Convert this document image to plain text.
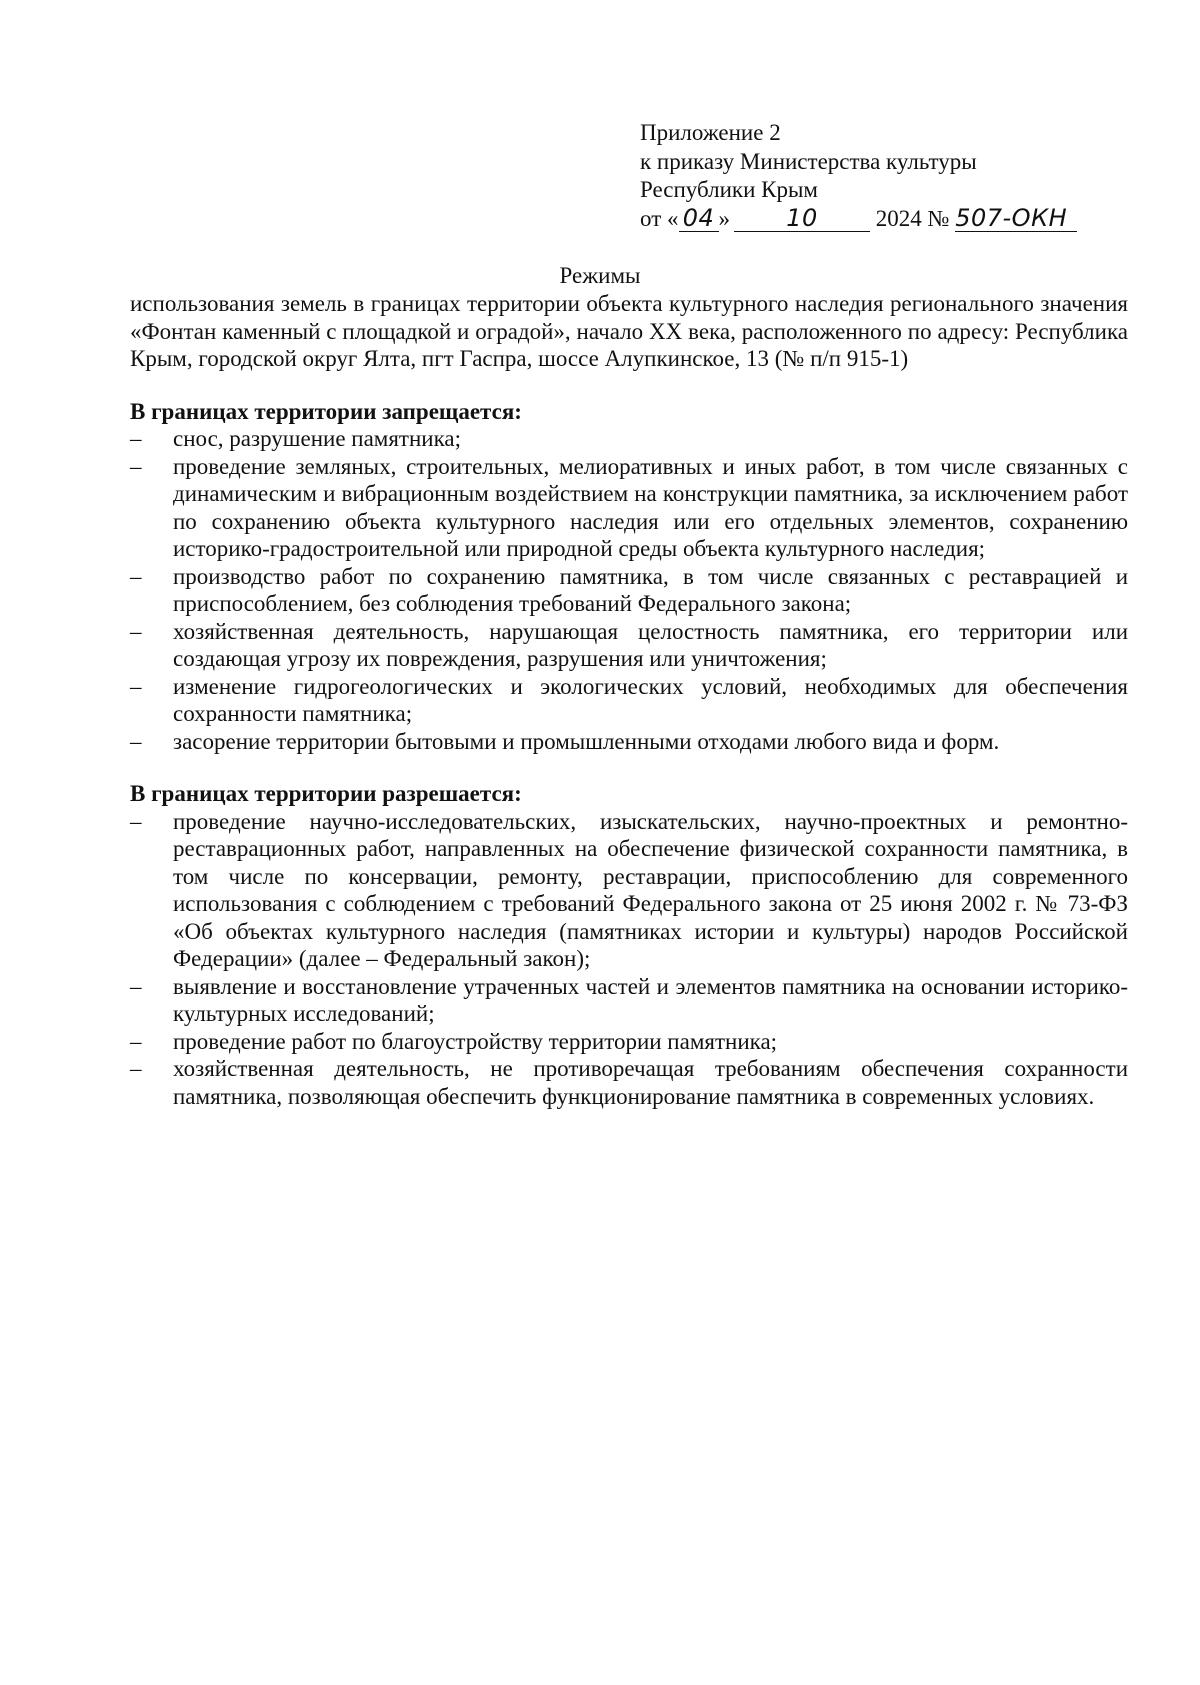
Приложение 2
к приказу Министерства культуры
Республики Крым
от « 04 » 10	2024 № 507-ОКН
Режимы

использования земель в границах территории объекта культурного наследия регионального значения «Фонтан каменный с площадкой и оградой», начало XX века, расположенного по адресу: Республика Крым, городской округ Ялта, пгт Гаспра, шоссе Алупкинское, 13 (№ п/п 915-1)

В границах территории запрещается:

– снос, разрушение памятника;
– проведение земляных, строительных, мелиоративных и иных работ, в том числе связанных с динамическим и вибрационным воздействием на конструкции памятника, за исключением работ по сохранению объекта культурного наследия или его отдельных элементов, сохранению историко-градостроительной или природной среды объекта культурного наследия;
– производство работ по сохранению памятника, в том числе связанных с реставрацией и приспособлением, без соблюдения требований Федерального закона;
– хозяйственная деятельность, нарушающая целостность памятника, его территории или создающая угрозу их повреждения, разрушения или уничтожения;
– изменение гидрогеологических и экологических условий, необходимых для обеспечения сохранности памятника;
– засорение территории бытовыми и промышленными отходами любого вида и форм.

В границах территории разрешается:

– проведение научно-исследовательских, изыскательских, научно-проектных и ремонтно-реставрационных работ, направленных на обеспечение физической сохранности памятника, в том числе по консервации, ремонту, реставрации, приспособлению для современного использования с соблюдением с требований Федерального закона от 25 июня 2002 г. № 73-ФЗ «Об объектах культурного наследия (памятниках истории и культуры) народов Российской Федерации» (далее – Федеральный закон);
– выявление и восстановление утраченных частей и элементов памятника на основании историко-культурных исследований;
– проведение работ по благоустройству территории памятника;
– хозяйственная деятельность, не противоречащая требованиям обеспечения сохранности памятника, позволяющая обеспечить функционирование памятника в современных условиях.
